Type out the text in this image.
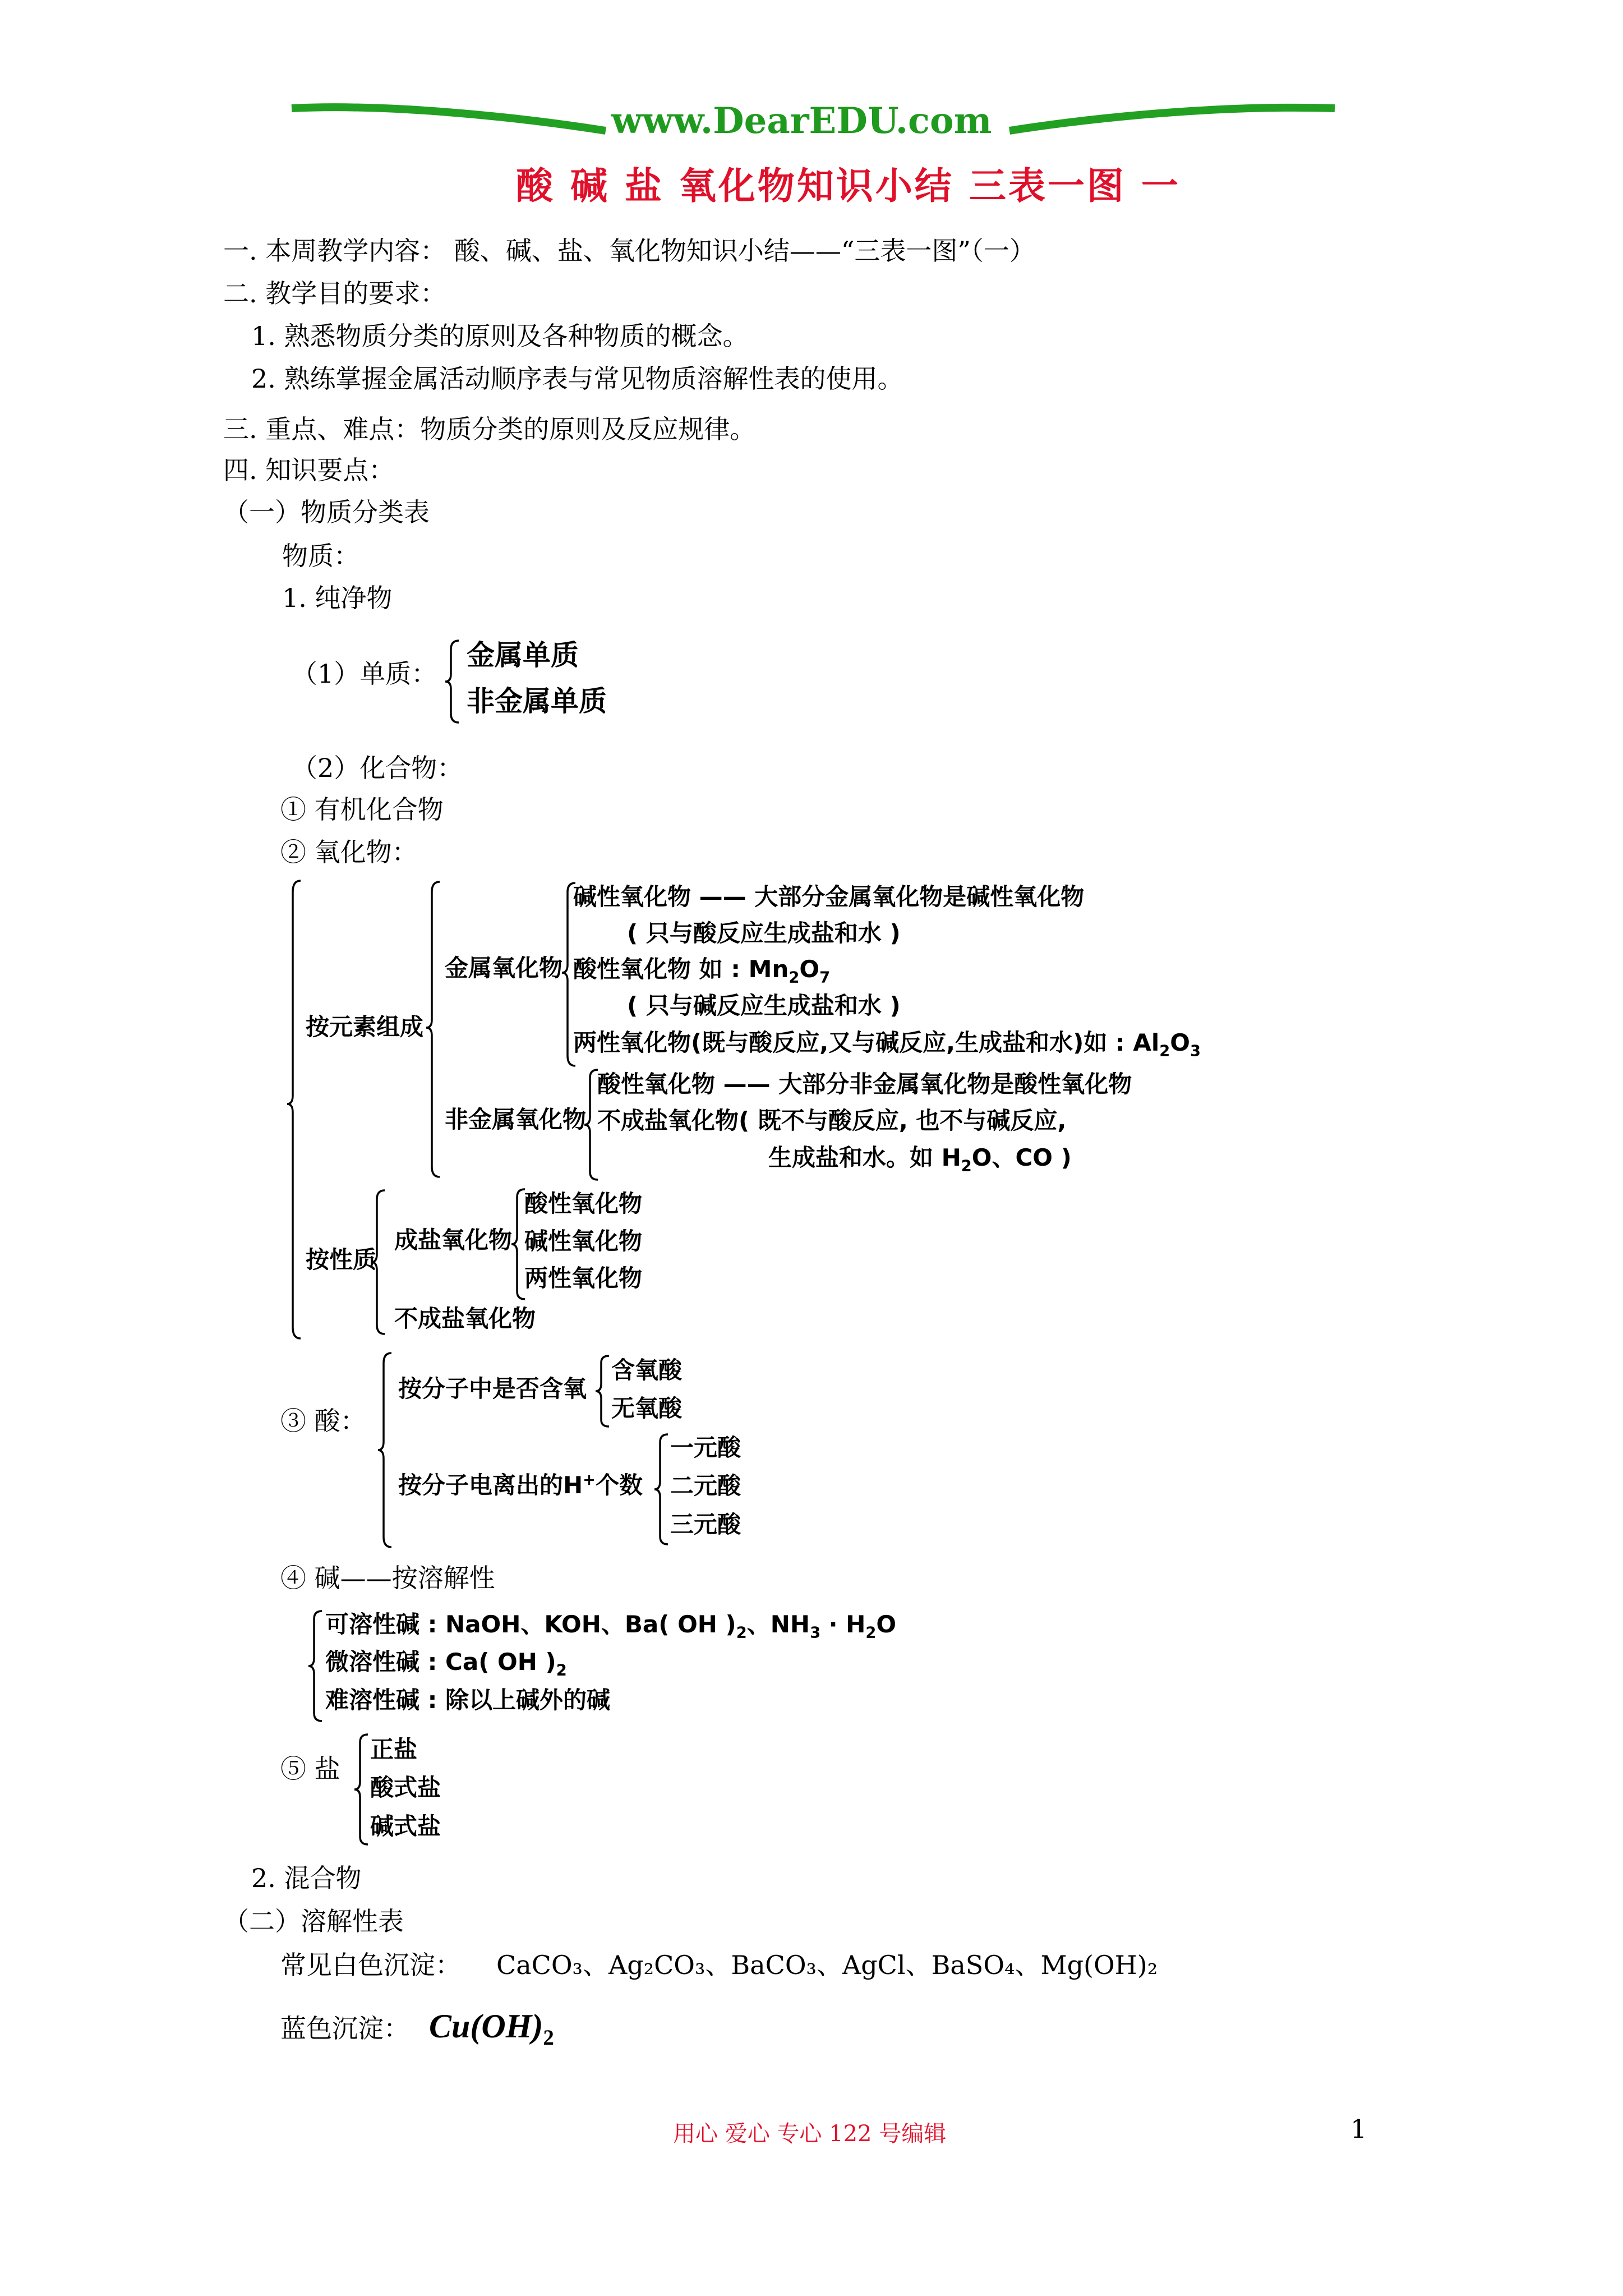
www.DearEDU.com
酸 碱 盐 氧化物知识小结 三表一图 一
一. 本周教学内容： 酸、碱、盐、氧化物知识小结——“三表一图”（一）
二. 教学目的要求：
1. 熟悉物质分类的原则及各种物质的概念。
2. 熟练掌握金属活动顺序表与常见物质溶解性表的使用。
三. 重点、难点：物质分类的原则及反应规律。
四. 知识要点：
（一）物质分类表
物质：
1. 纯净物
（1）单质：
金属单质
非金属单质
（2）化合物：
① 有机化合物
② 氧化物：
按元素组成
金属氧化物
碱性氧化物 —— 大部分金属氧化物是碱性氧化物
( 只与酸反应生成盐和水 )
酸性氧化物 如 : $Mn_2O_7$
( 只与碱反应生成盐和水 )
两性氧化物(既与酸反应,又与碱反应,生成盐和水)如 : $Al_2O_3$
非金属氧化物
酸性氧化物 —— 大部分非金属氧化物是酸性氧化物
不成盐氧化物( 既不与酸反应, 也不与碱反应,
生成盐和水。如 $H_2O$、CO )
按性质
成盐氧化物
酸性氧化物
碱性氧化物
两性氧化物
不成盐氧化物
③ 酸：
按分子中是否含氧
含氧酸
无氧酸
按分子电离出的H+个数
一元酸
二元酸
三元酸
④ 碱——按溶解性
可溶性碱 : NaOH、KOH、Ba( OH )$_2$、$NH_3 \cdot H_2O$
微溶性碱 : Ca( OH )$_2$
难溶性碱 : 除以上碱外的碱
⑤ 盐
正盐
酸式盐
碱式盐
2. 混合物
（二）溶解性表
常见白色沉淀： CaCO₃、Ag₂CO₃、BaCO₃、AgCl、BaSO₄、Mg(OH)₂
蓝色沉淀： $Cu(OH)_2$
用心 爱心 专心 122 号编辑	1
